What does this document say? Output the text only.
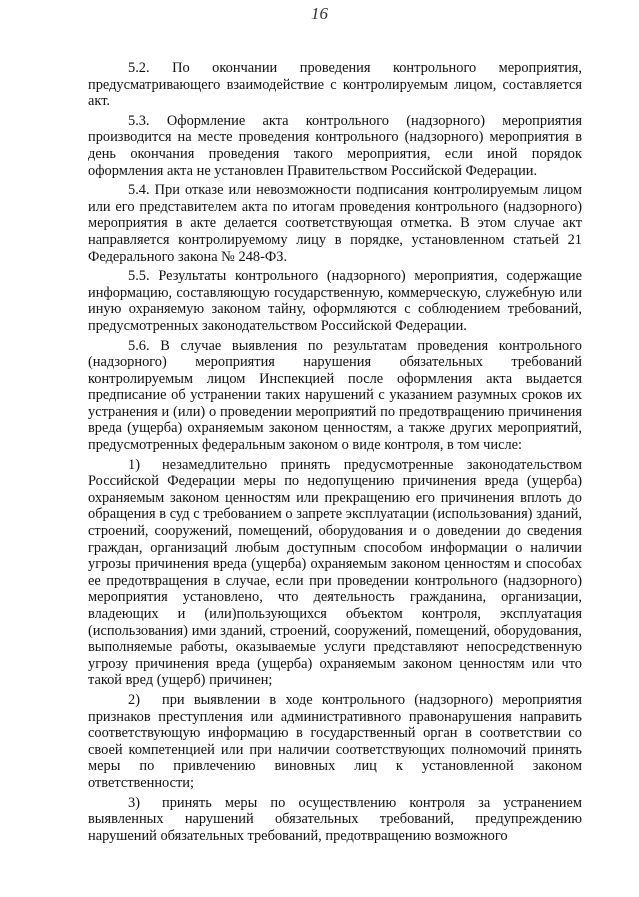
16

5.2. По окончании проведения контрольного мероприятия, предусматривающего взаимодействие с контролируемым лицом, составляется акт.

5.3. Оформление акта контрольного (надзорного) мероприятия производится на месте проведения контрольного (надзорного) мероприятия в день окончания проведения такого мероприятия, если иной порядок оформления акта не установлен Правительством Российской Федерации.

5.4. При отказе или невозможности подписания контролируемым лицом или его представителем акта по итогам проведения контрольного (надзорного) мероприятия в акте делается соответствующая отметка. В этом случае акт направляется контролируемому лицу в порядке, установленном статьей 21 Федерального закона № 248-ФЗ.

5.5. Результаты контрольного (надзорного) мероприятия, содержащие информацию, составляющую государственную, коммерческую, служебную или иную охраняемую законом тайну, оформляются с соблюдением требований, предусмотренных законодательством Российской Федерации.

5.6. В случае выявления по результатам проведения контрольного (надзорного) мероприятия нарушения обязательных требований контролируемым лицом Инспекцией после оформления акта выдается предписание об устранении таких нарушений с указанием разумных сроков их устранения и (или) о проведении мероприятий по предотвращению причинения вреда (ущерба) охраняемым законом ценностям, а также других мероприятий, предусмотренных федеральным законом о виде контроля, в том числе:

1) незамедлительно принять предусмотренные законодательством Российской Федерации меры по недопущению причинения вреда (ущерба) охраняемым законом ценностям или прекращению его причинения вплоть до обращения в суд с требованием о запрете эксплуатации (использования) зданий, строений, сооружений, помещений, оборудования и о доведении до сведения граждан, организаций любым доступным способом информации о наличии угрозы причинения вреда (ущерба) охраняемым законом ценностям и способах ее предотвращения в случае, если при проведении контрольного (надзорного) мероприятия установлено, что деятельность гражданина, организации, владеющих и (или)пользующихся объектом контроля, эксплуатация (использования) ими зданий, строений, сооружений, помещений, оборудования, выполняемые работы, оказываемые услуги представляют непосредственную угрозу причинения вреда (ущерба) охраняемым законом ценностям или что такой вред (ущерб) причинен;

2) при выявлении в ходе контрольного (надзорного) мероприятия признаков преступления или административного правонарушения направить соответствующую информацию в государственный орган в соответствии со своей компетенцией или при наличии соответствующих полномочий принять меры по привлечению виновных лиц к установленной законом ответственности;

3) принять меры по осуществлению контроля за устранением выявленных нарушений обязательных требований, предупреждению нарушений обязательных требований, предотвращению возможного
